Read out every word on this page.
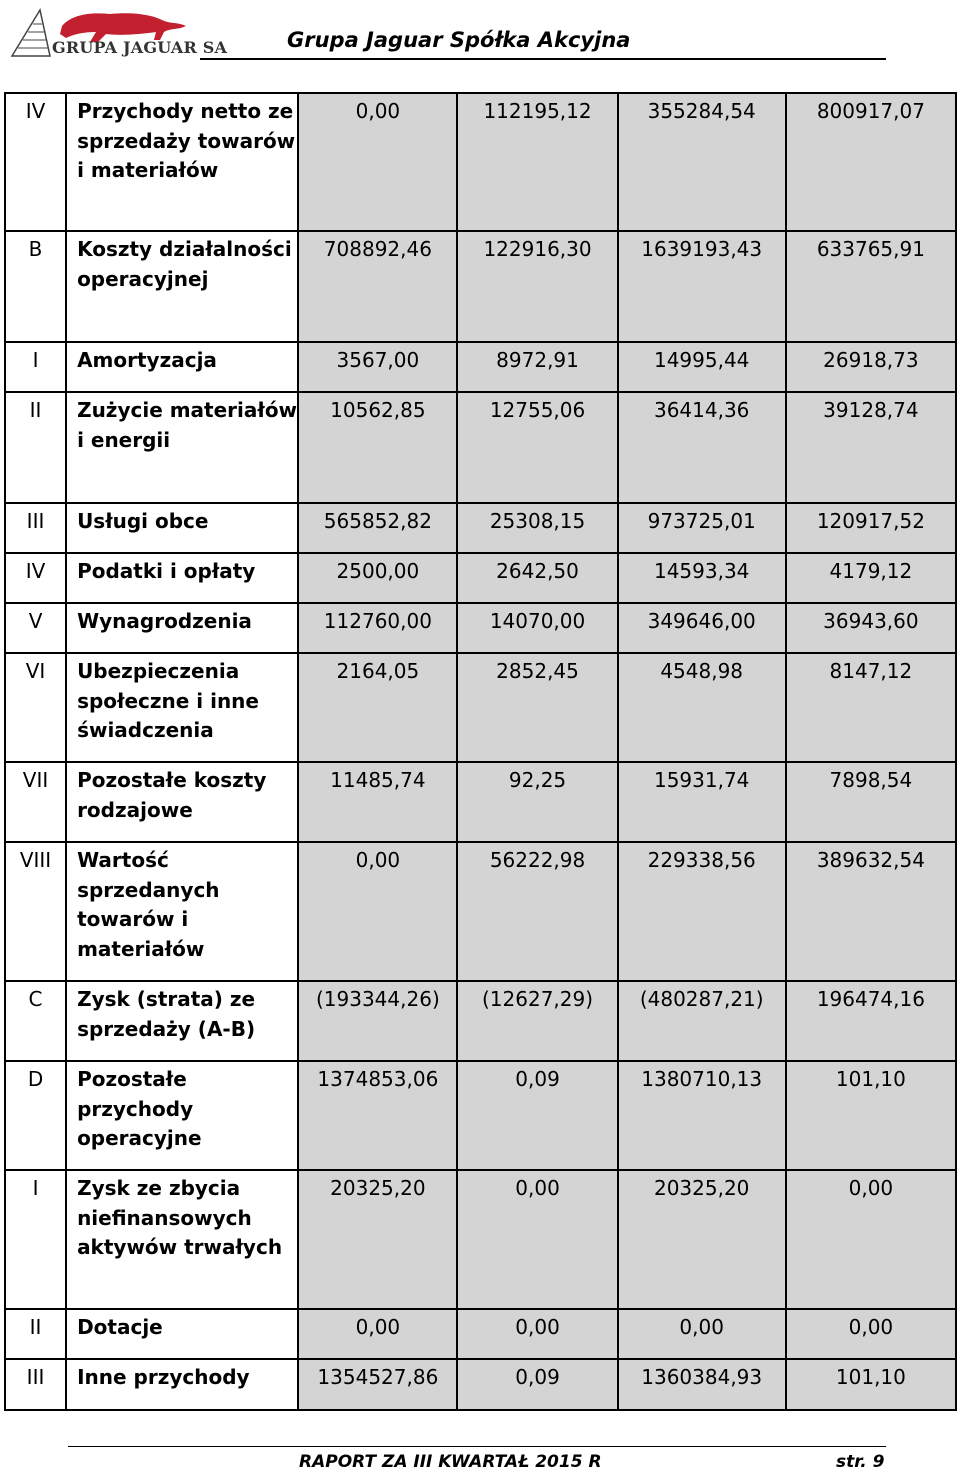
GRUPA JAGUAR SA	Grupa Jaguar Spółka Akcyjna
IV	Przychody netto ze sprzedaży towarów i materiałów	0,00	112195,12	355284,54	800917,07
B	Koszty działalności operacyjnej	708892,46	122916,30	1639193,43	633765,91
I	Amortyzacja	3567,00	8972,91	14995,44	26918,73
II	Zużycie materiałów i energii	10562,85	12755,06	36414,36	39128,74
III	Usługi obce	565852,82	25308,15	973725,01	120917,52
IV	Podatki i opłaty	2500,00	2642,50	14593,34	4179,12
V	Wynagrodzenia	112760,00	14070,00	349646,00	36943,60
VI	Ubezpieczenia społeczne i inne świadczenia	2164,05	2852,45	4548,98	8147,12
VII	Pozostałe koszty rodzajowe	11485,74	92,25	15931,74	7898,54
VIII	Wartość sprzedanych towarów i materiałów	0,00	56222,98	229338,56	389632,54
C	Zysk (strata) ze sprzedaży (A-B)	(193344,26)	(12627,29)	(480287,21)	196474,16
D	Pozostałe przychody operacyjne	1374853,06	0,09	1380710,13	101,10
I	Zysk ze zbycia niefinansowych aktywów trwałych	20325,20	0,00	20325,20	0,00
II	Dotacje	0,00	0,00	0,00	0,00
III	Inne przychody	1354527,86	0,09	1360384,93	101,10
RAPORT ZA III KWARTAŁ 2015 R	str. 9
